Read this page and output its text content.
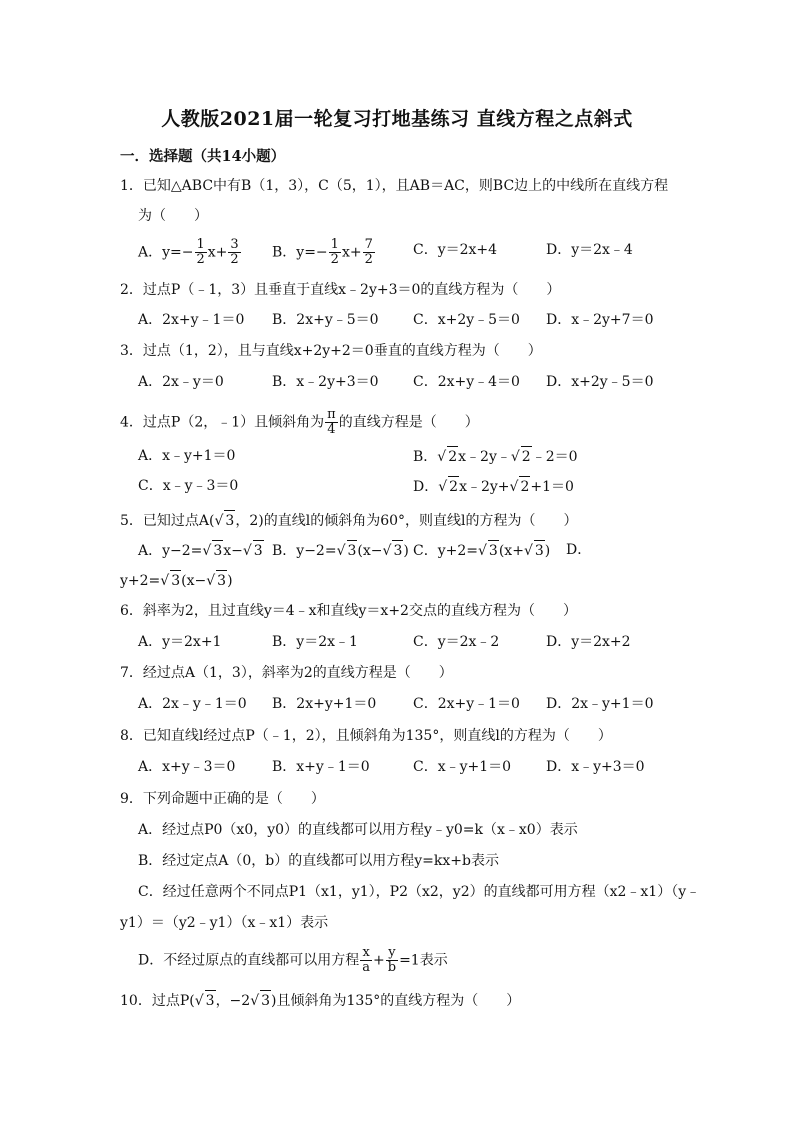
人教版2021届一轮复习打地基练习 直线方程之点斜式
一．选择题（共14小题）
1．已知△ABC中有B（1，3），C（5，1），且AB＝AC，则BC边上的中线所在直线方程
为（　　）
A．$y=- \frac{1}{2} x+ \frac{3}{2}$ B．$y=- \frac{1}{2} x+ \frac{7}{2}$	C．y＝2x+4	D．y＝2x﹣4
2．过点P（﹣1，3）且垂直于直线x﹣2y+3＝0的直线方程为（　　）
A．2x+y﹣1＝0 B．2x+y﹣5＝0 C．x+2y﹣5＝0 D．x﹣2y+7＝0
3．过点（1，2），且与直线x+2y+2＝0垂直的直线方程为（　　）
A．2x﹣y＝0	B．x﹣2y+3＝0 C．2x+y﹣4＝0 D．x+2y﹣5＝0
4．过点P（2，﹣1）且倾斜角为 $\frac{\pi}{4}$ 的直线方程是（　　）
A．x﹣y+1＝0	B．√ 2x﹣2y﹣√ 2﹣2＝0
C．x﹣y﹣3＝0	D．√ 2x﹣2y+√ 2+1＝0
5．已知过点A(√ 3，2)的直线l的倾斜角为60°，则直线l的方程为（　　）
A．y−2=√ 3x−√ 3 B．y−2=√ 3(x−√ 3) C．y+2=√ 3(x+√ 3) D．
y+2=√ 3(x−√ 3)
6．斜率为2，且过直线y＝4﹣x和直线y＝x+2交点的直线方程为（　　）
A．y＝2x+1	B．y＝2x﹣1	C．y＝2x﹣2	D．y＝2x+2
7．经过点A（1，3），斜率为2的直线方程是（　　）
A．2x﹣y﹣1＝0 B．2x+y+1＝0	C．2x+y﹣1＝0 D．2x﹣y+1＝0
8．已知直线l经过点P（﹣1，2），且倾斜角为135°，则直线l的方程为（　　）
A．x+y﹣3＝0	B．x+y﹣1＝0	C．x﹣y+1＝0 D．x﹣y+3＝0
9．下列命题中正确的是（　　）
A．经过点P0（x0，y0）的直线都可以用方程y﹣y0=k（x﹣x0）表示
B．经过定点A（0，b）的直线都可以用方程y=kx+b表示
C．经过任意两个不同点P1（x1，y1），P2（x2，y2）的直线都可用方程（x2﹣x1）（y﹣
y1）＝（y2﹣y1）（x﹣x1）表示
D．不经过原点的直线都可以用方程 $\frac{x}{a} + \frac{y}{b} =1$表示
10．过点P(√ 3，−2√ 3)且倾斜角为135°的直线方程为（　　）
